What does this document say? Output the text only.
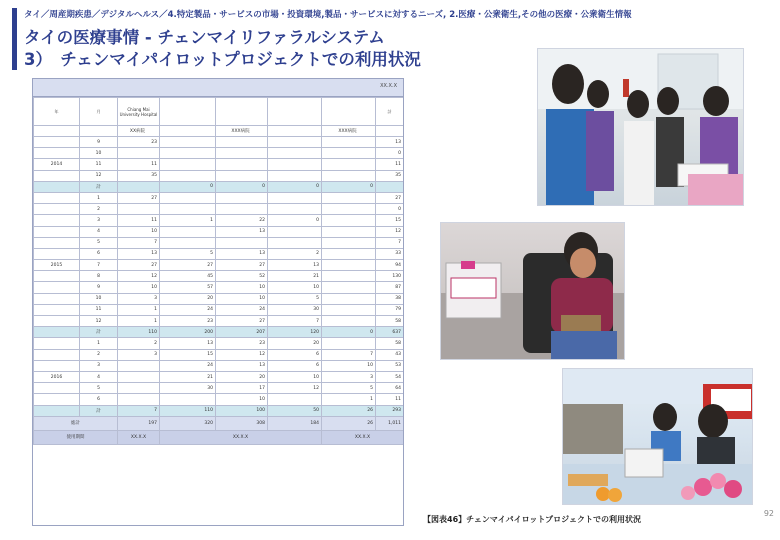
タイ／周産期疾患／デジタルヘルス／4.特定製品・サービスの市場・投資環境,製品・サービスに対するニーズ, 2.医療・公衆衛生,その他の医療・公衆衛生情報
タイの医療事情 - チェンマイリファラルシステム
3）　チェンマイパイロットプロジェクトでの利用状況
XX.X.X
年	月	Chiang Mai University Hospital					計
		XX病院		XXX病院		XXX病院	
	9	23					13
	10						0
2014	11	11					11
	12	35					35
	計		0	0	0	0	
	1	27					27
	2						0
	3	11	1	22	0		15
	4	10		13			12
	5	7					7
	6	13	5	13	2		33
2015	7	27	27	27	13		94
	8	12	45	52	21		130
	9	10	57	10	10		87
	10	3	20	10	5		38
	11	1	24	24	30		79
	12	1	23	27	7		58
	計	110	200	207	120	0	637
	1	2	13	23	20		58
	2	3	15	12	6	7	43
	3		24	13	6	10	53
2016	4		21	20	10	3	54
	5		30	17	12	5	64
	6			10		1	11
	計	7	110	100	50	26	293
総計		197	320	308	184	26	1,011
使用期間		XX.X.X	XX.X.X			XX.X.X	
【図表46】チェンマイパイロットプロジェクトでの利用状況
92
